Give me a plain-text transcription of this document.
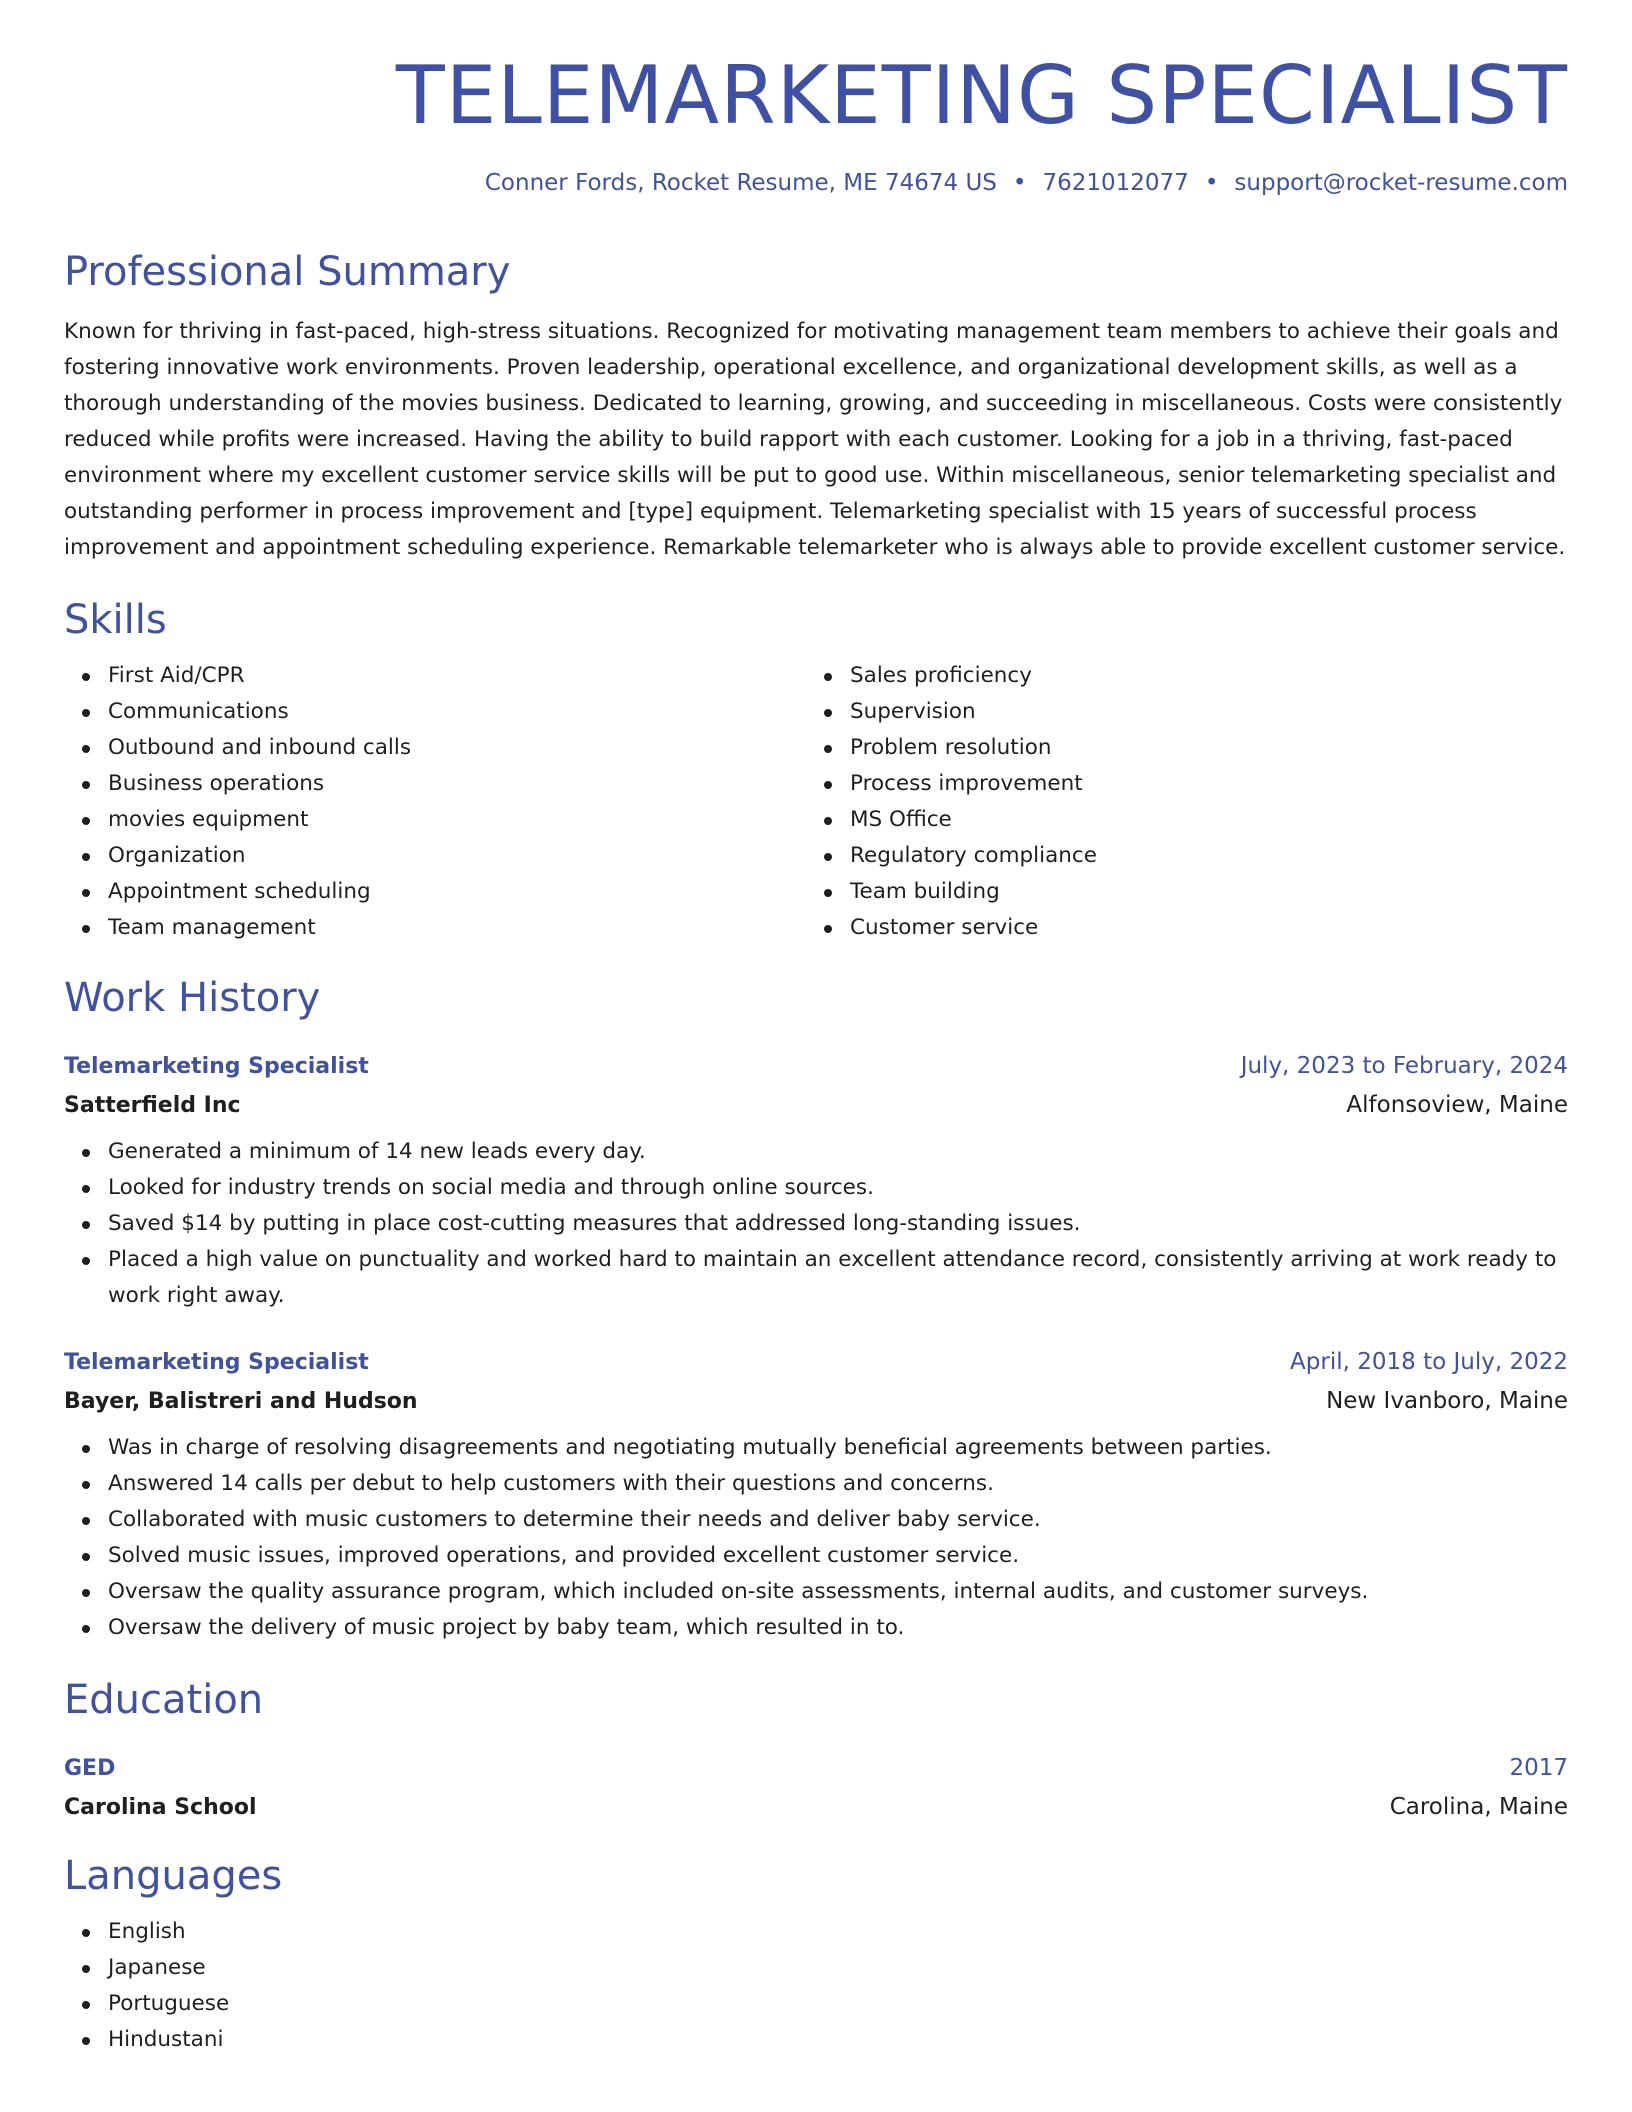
TELEMARKETING SPECIALIST
Conner Fords, Rocket Resume, ME 74674 US • 7621012077 • support@rocket-resume.com
Professional Summary
Known for thriving in fast-paced, high-stress situations. Recognized for motivating management team members to achieve their goals and fostering innovative work environments. Proven leadership, operational excellence, and organizational development skills, as well as a thorough understanding of the movies business. Dedicated to learning, growing, and succeeding in miscellaneous. Costs were consistently reduced while profits were increased. Having the ability to build rapport with each customer. Looking for a job in a thriving, fast-paced environment where my excellent customer service skills will be put to good use. Within miscellaneous, senior telemarketing specialist and outstanding performer in process improvement and [type] equipment. Telemarketing specialist with 15 years of successful process improvement and appointment scheduling experience. Remarkable telemarketer who is always able to provide excellent customer service.
Skills
First Aid/CPR
Communications
Outbound and inbound calls
Business operations
movies equipment
Organization
Appointment scheduling
Team management
Sales proficiency
Supervision
Problem resolution
Process improvement
MS Office
Regulatory compliance
Team building
Customer service
Work History
Telemarketing Specialist	July, 2023 to February, 2024
Satterfield Inc	Alfonsoview, Maine
Generated a minimum of 14 new leads every day.
Looked for industry trends on social media and through online sources.
Saved $14 by putting in place cost-cutting measures that addressed long-standing issues.
Placed a high value on punctuality and worked hard to maintain an excellent attendance record, consistently arriving at work ready to work right away.
Telemarketing Specialist	April, 2018 to July, 2022
Bayer, Balistreri and Hudson	New Ivanboro, Maine
Was in charge of resolving disagreements and negotiating mutually beneficial agreements between parties.
Answered 14 calls per debut to help customers with their questions and concerns.
Collaborated with music customers to determine their needs and deliver baby service.
Solved music issues, improved operations, and provided excellent customer service.
Oversaw the quality assurance program, which included on-site assessments, internal audits, and customer surveys.
Oversaw the delivery of music project by baby team, which resulted in to.
Education
GED	2017
Carolina School	Carolina, Maine
Languages
English
Japanese
Portuguese
Hindustani
